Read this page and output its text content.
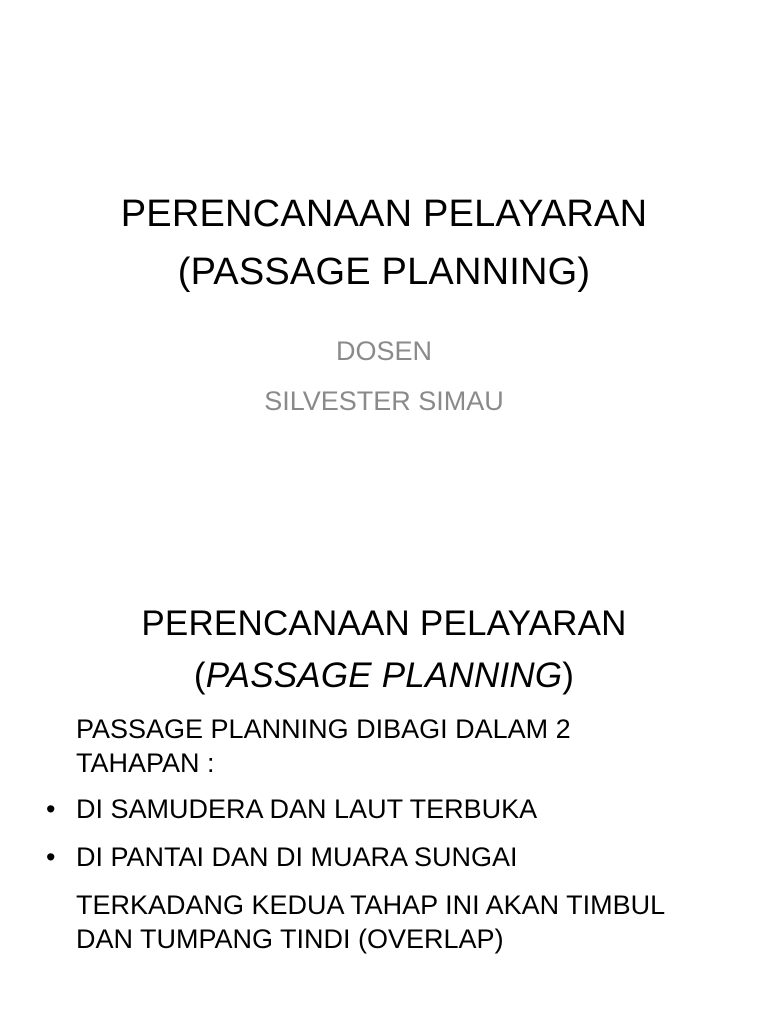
PERENCANAAN PELAYARAN
(PASSAGE PLANNING)
DOSEN
SILVESTER SIMAU
PERENCANAAN PELAYARAN
(PASSAGE PLANNING)
PASSAGE PLANNING DIBAGI DALAM 2
TAHAPAN :
• DI SAMUDERA DAN LAUT TERBUKA
• DI PANTAI DAN DI MUARA SUNGAI
TERKADANG KEDUA TAHAP INI AKAN TIMBUL
DAN TUMPANG TINDI (OVERLAP)
